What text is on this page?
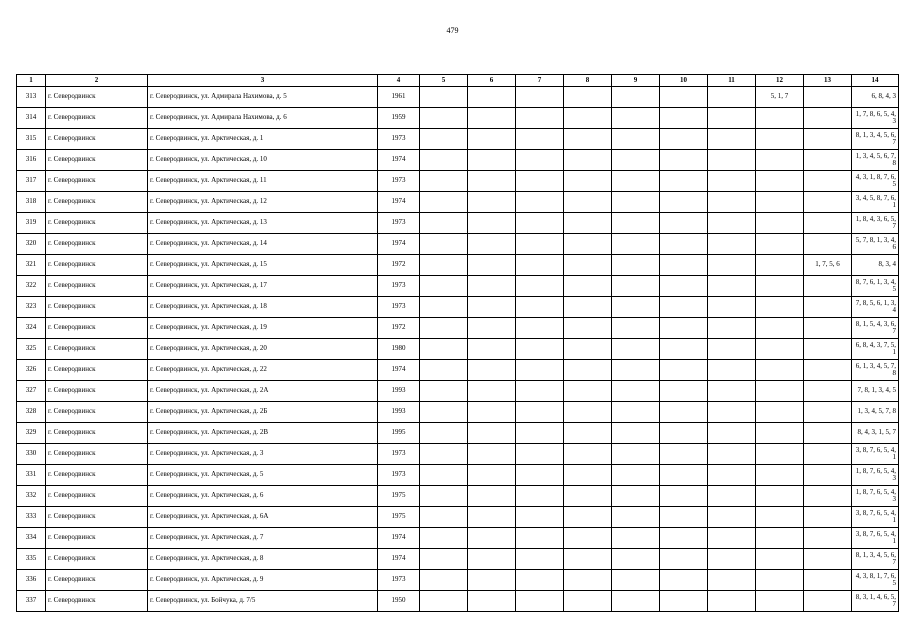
479
1	2	3	4	5	6	7	8	9	10	11	12	13	14
313	г. Северодвинск	г. Северодвинск, ул. Адмирала Нахимова, д. 5	1961								5, 1, 7		6, 8, 4, 3
314	г. Северодвинск	г. Северодвинск, ул. Адмирала Нахимова, д. 6	1959										1, 7, 8, 6, 5, 4, 3
315	г. Северодвинск	г. Северодвинск, ул. Арктическая, д. 1	1973										8, 1, 3, 4, 5, 6, 7
316	г. Северодвинск	г. Северодвинск, ул. Арктическая, д. 10	1974										1, 3, 4, 5, 6, 7, 8
317	г. Северодвинск	г. Северодвинск, ул. Арктическая, д. 11	1973										4, 3, 1, 8, 7, 6, 5
318	г. Северодвинск	г. Северодвинск, ул. Арктическая, д. 12	1974										3, 4, 5, 8, 7, 6, 1
319	г. Северодвинск	г. Северодвинск, ул. Арктическая, д. 13	1973										1, 8, 4, 3, 6, 5, 7
320	г. Северодвинск	г. Северодвинск, ул. Арктическая, д. 14	1974										5, 7, 8, 1, 3, 4, 6
321	г. Северодвинск	г. Северодвинск, ул. Арктическая, д. 15	1972									1, 7, 5, 6	8, 3, 4
322	г. Северодвинск	г. Северодвинск, ул. Арктическая, д. 17	1973										8, 7, 6, 1, 3, 4, 5
323	г. Северодвинск	г. Северодвинск, ул. Арктическая, д. 18	1973										7, 8, 5, 6, 1, 3, 4
324	г. Северодвинск	г. Северодвинск, ул. Арктическая, д. 19	1972										8, 1, 5, 4, 3, 6, 7
325	г. Северодвинск	г. Северодвинск, ул. Арктическая, д. 20	1980										6, 8, 4, 3, 7, 5, 1
326	г. Северодвинск	г. Северодвинск, ул. Арктическая, д. 22	1974										6, 1, 3, 4, 5, 7, 8
327	г. Северодвинск	г. Северодвинск, ул. Арктическая, д. 2А	1993										7, 8, 1, 3, 4, 5
328	г. Северодвинск	г. Северодвинск, ул. Арктическая, д. 2Б	1993										1, 3, 4, 5, 7, 8
329	г. Северодвинск	г. Северодвинск, ул. Арктическая, д. 2В	1995										8, 4, 3, 1, 5, 7
330	г. Северодвинск	г. Северодвинск, ул. Арктическая, д. 3	1973										3, 8, 7, 6, 5, 4, 1
331	г. Северодвинск	г. Северодвинск, ул. Арктическая, д. 5	1973										1, 8, 7, 6, 5, 4, 3
332	г. Северодвинск	г. Северодвинск, ул. Арктическая, д. 6	1975										1, 8, 7, 6, 5, 4, 3
333	г. Северодвинск	г. Северодвинск, ул. Арктическая, д. 6А	1975										3, 8, 7, 6, 5, 4, 1
334	г. Северодвинск	г. Северодвинск, ул. Арктическая, д. 7	1974										3, 8, 7, 6, 5, 4, 1
335	г. Северодвинск	г. Северодвинск, ул. Арктическая, д. 8	1974										8, 1, 3, 4, 5, 6, 7
336	г. Северодвинск	г. Северодвинск, ул. Арктическая, д. 9	1973										4, 3, 8, 1, 7, 6, 5
337	г. Северодвинск	г. Северодвинск, ул. Бойчука, д. 7/5	1950										8, 3, 1, 4, 6, 5, 7
